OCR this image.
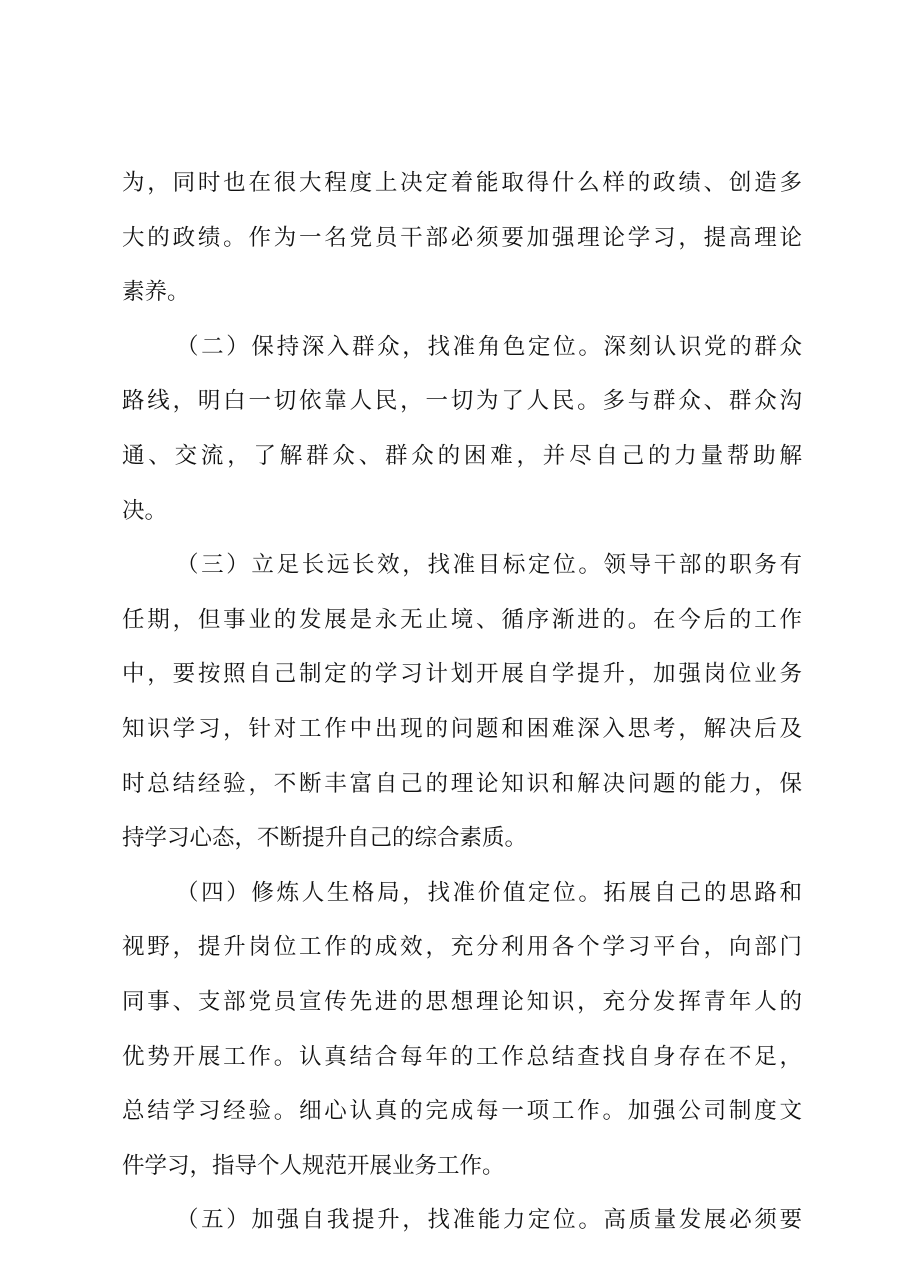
为，同时也在很大程度上决定着能取得什么样的政绩、创造多
大的政绩。作为一名党员干部必须要加强理论学习，提高理论
素养。
（二）保持深入群众，找准角色定位。深刻认识党的群众
路线，明白一切依靠人民，一切为了人民。多与群众、群众沟
通、交流，了解群众、群众的困难，并尽自己的力量帮助解
决。
（三）立足长远长效，找准目标定位。领导干部的职务有
任期，但事业的发展是永无止境、循序渐进的。在今后的工作
中，要按照自己制定的学习计划开展自学提升，加强岗位业务
知识学习，针对工作中出现的问题和困难深入思考，解决后及
时总结经验，不断丰富自己的理论知识和解决问题的能力，保
持学习心态，不断提升自己的综合素质。
（四）修炼人生格局，找准价值定位。拓展自己的思路和
视野，提升岗位工作的成效，充分利用各个学习平台，向部门
同事、支部党员宣传先进的思想理论知识，充分发挥青年人的
优势开展工作。认真结合每年的工作总结查找自身存在不足，
总结学习经验。细心认真的完成每一项工作。加强公司制度文
件学习，指导个人规范开展业务工作。
（五）加强自我提升，找准能力定位。高质量发展必须要
